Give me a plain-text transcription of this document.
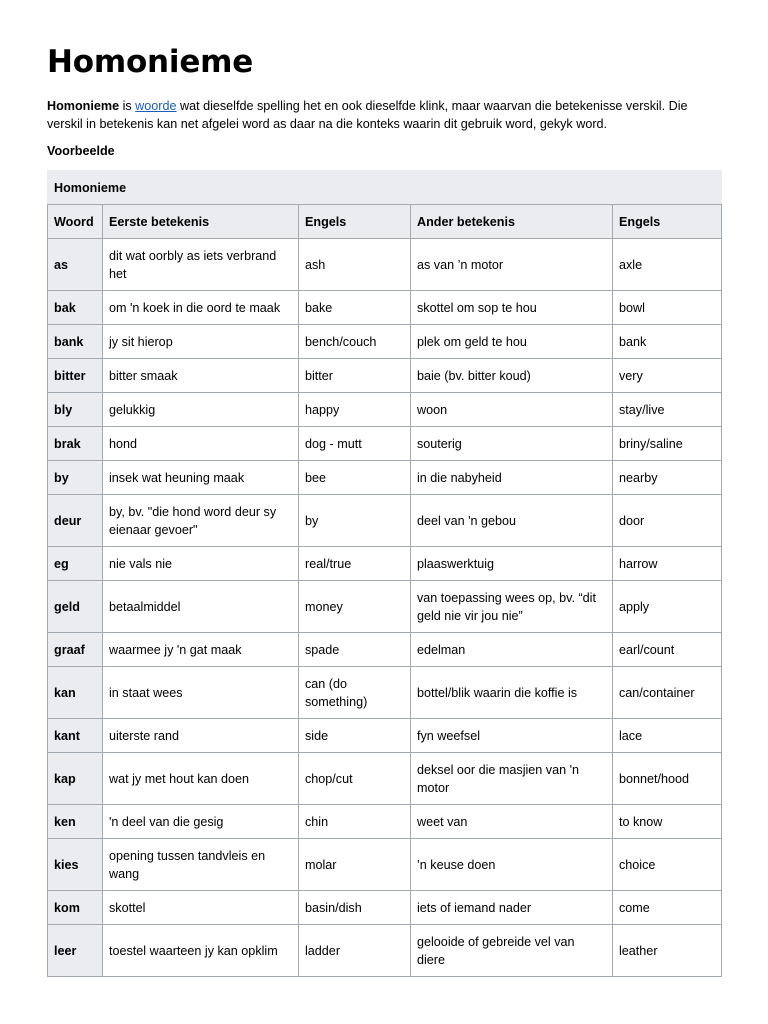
Homonieme

Homonieme is woorde wat dieselfde spelling het en ook dieselfde klink, maar waarvan die betekenisse verskil. Die verskil in betekenis kan net afgelei word as daar na die konteks waarin dit gebruik word, gekyk word.

Voorbeelde

Homonieme				
Woord	Eerste betekenis	Engels	Ander betekenis	Engels
as	dit wat oorbly as iets verbrand het	ash	as van ’n motor	axle
bak	om 'n koek in die oord te maak	bake	skottel om sop te hou	bowl
bank	jy sit hierop	bench/couch	plek om geld te hou	bank
bitter	bitter smaak	bitter	baie (bv. bitter koud)	very
bly	gelukkig	happy	woon	stay/live
brak	hond	dog - mutt	souterig	briny/saline
by	insek wat heuning maak	bee	in die nabyheid	nearby
deur	by, bv. "die hond word deur sy eienaar gevoer"	by	deel van 'n gebou	door
eg	nie vals nie	real/true	plaaswerktuig	harrow
geld	betaalmiddel	money	van toepassing wees op, bv. “dit geld nie vir jou nie”	apply
graaf	waarmee jy 'n gat maak	spade	edelman	earl/count
kan	in staat wees	can (do something)	bottel/blik waarin die koffie is	can/container
kant	uiterste rand	side	fyn weefsel	lace
kap	wat jy met hout kan doen	chop/cut	deksel oor die masjien van 'n motor	bonnet/hood
ken	'n deel van die gesig	chin	weet van	to know
kies	opening tussen tandvleis en wang	molar	’n keuse doen	choice
kom	skottel	basin/dish	iets of iemand nader	come
leer	toestel waarteen jy kan opklim	ladder	gelooide of gebreide vel van diere	leather
